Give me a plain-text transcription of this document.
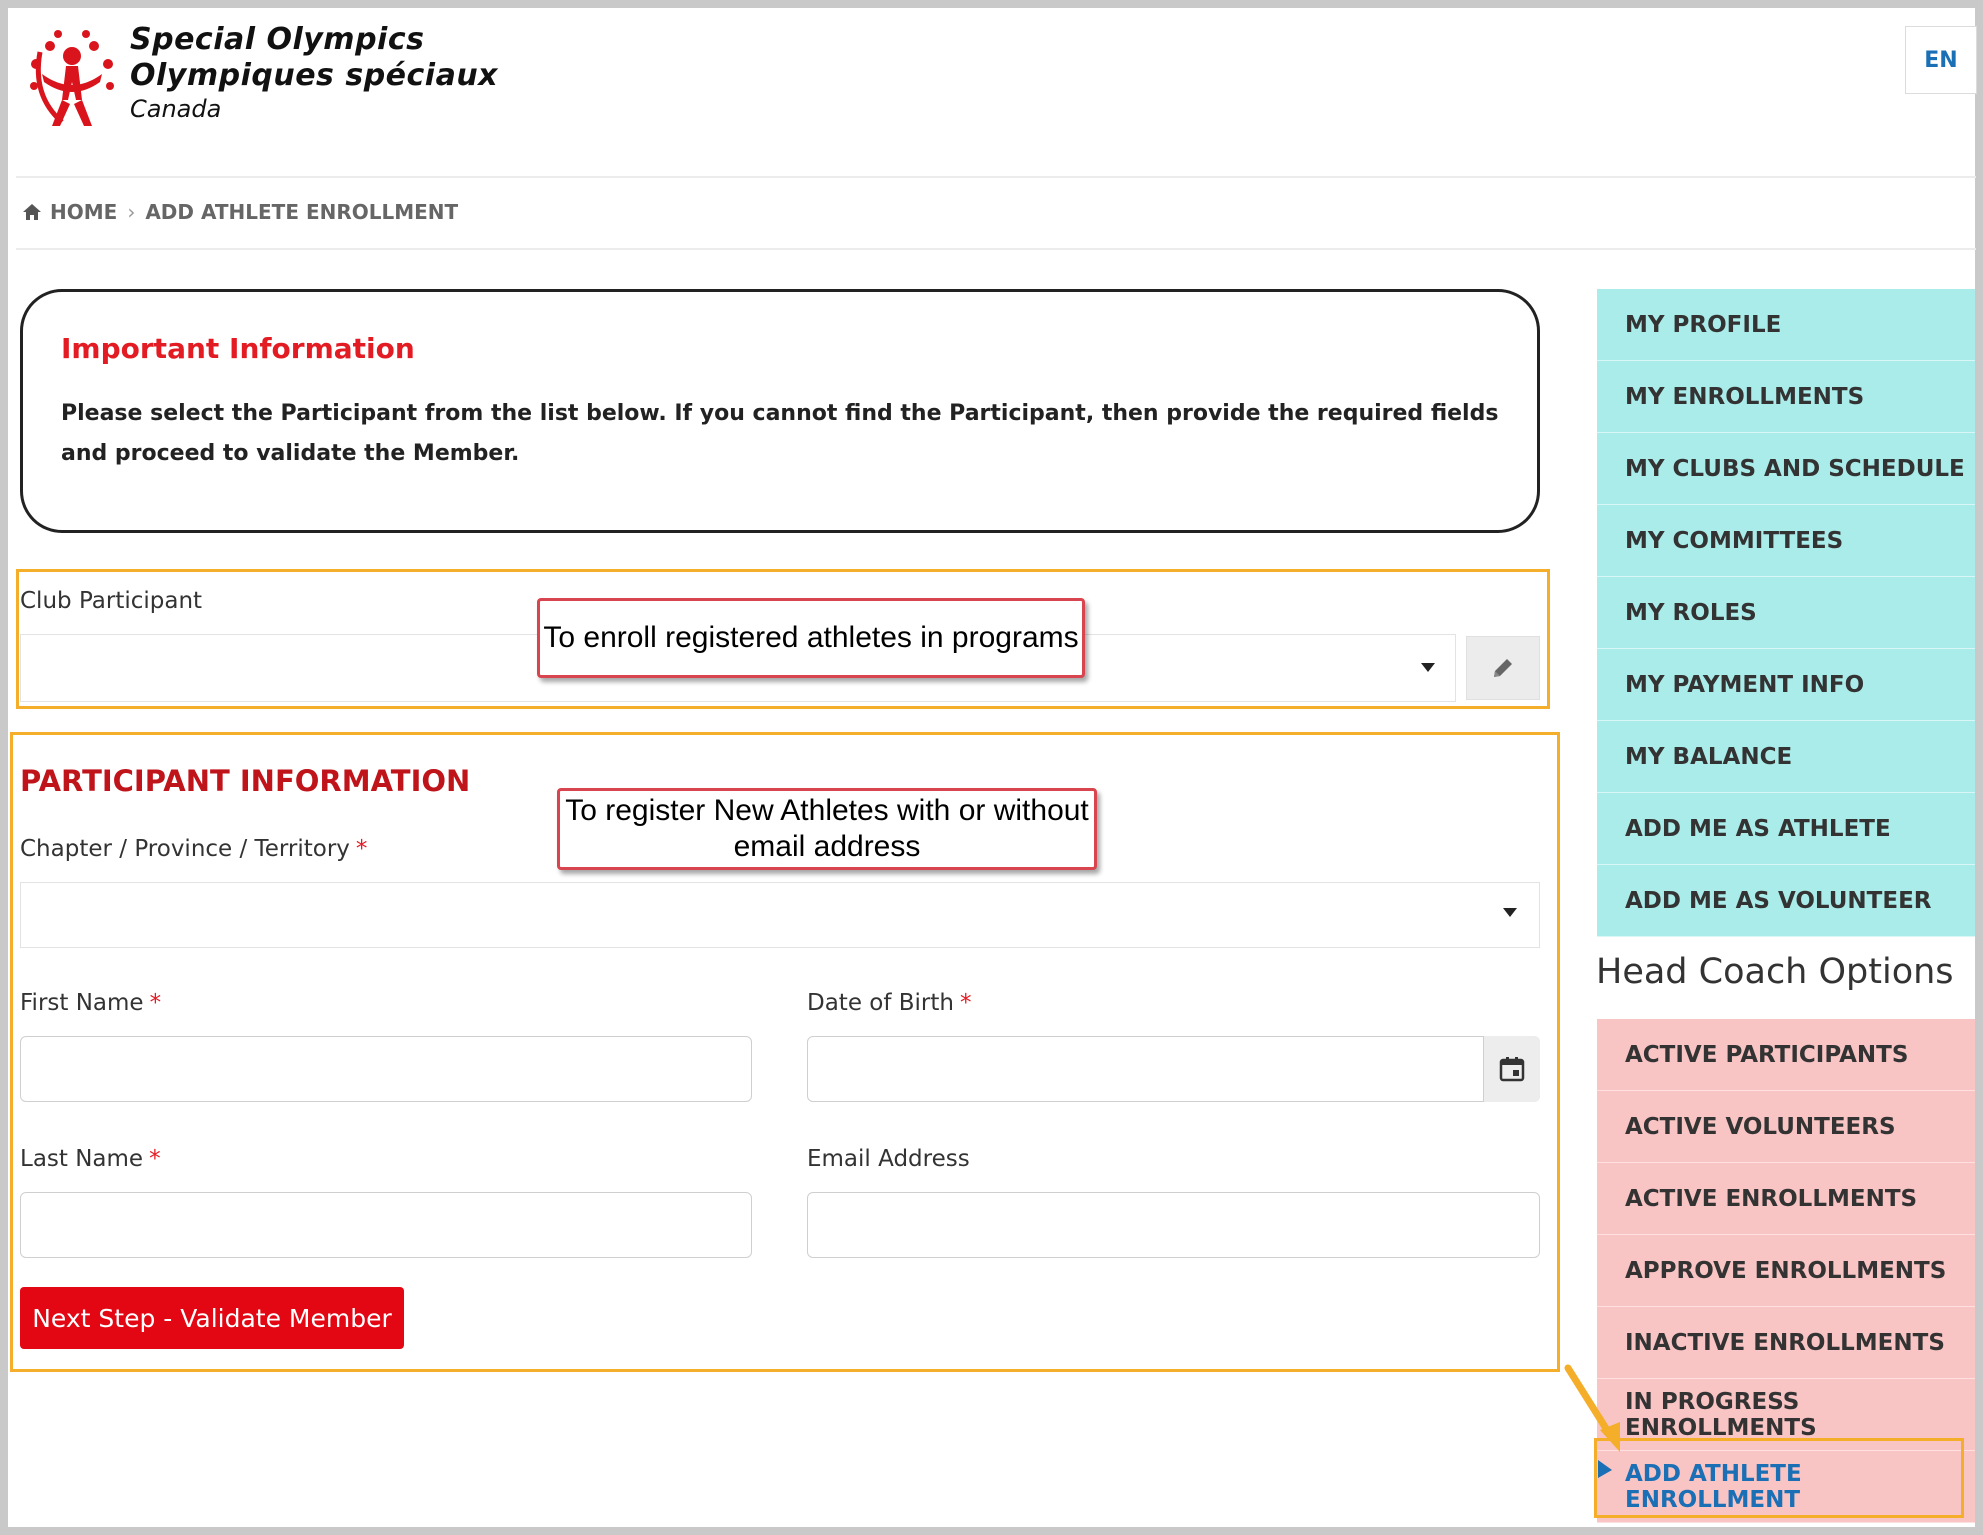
Special Olympics
Olympiques spéciaux
Canada
EN
HOME › ADD ATHLETE ENROLLMENT
Important Information
Please select the Participant from the list below. If you cannot find the Participant, then provide the required fields and proceed to validate the Member.
Club Participant
PARTICIPANT INFORMATION
Chapter / Province / Territory *
First Name *	Date of Birth *
Last Name *	Email Address
Next Step - Validate Member
To enroll registered athletes in programs
To register New Athletes with or without email address
MY PROFILE
MY ENROLLMENTS
MY CLUBS AND SCHEDULE
MY COMMITTEES
MY ROLES
MY PAYMENT INFO
MY BALANCE
ADD ME AS ATHLETE
ADD ME AS VOLUNTEER
Head Coach Options
ACTIVE PARTICIPANTS
ACTIVE VOLUNTEERS
ACTIVE ENROLLMENTS
APPROVE ENROLLMENTS
INACTIVE ENROLLMENTS
IN PROGRESS ENROLLMENTS
ADD ATHLETE ENROLLMENT
